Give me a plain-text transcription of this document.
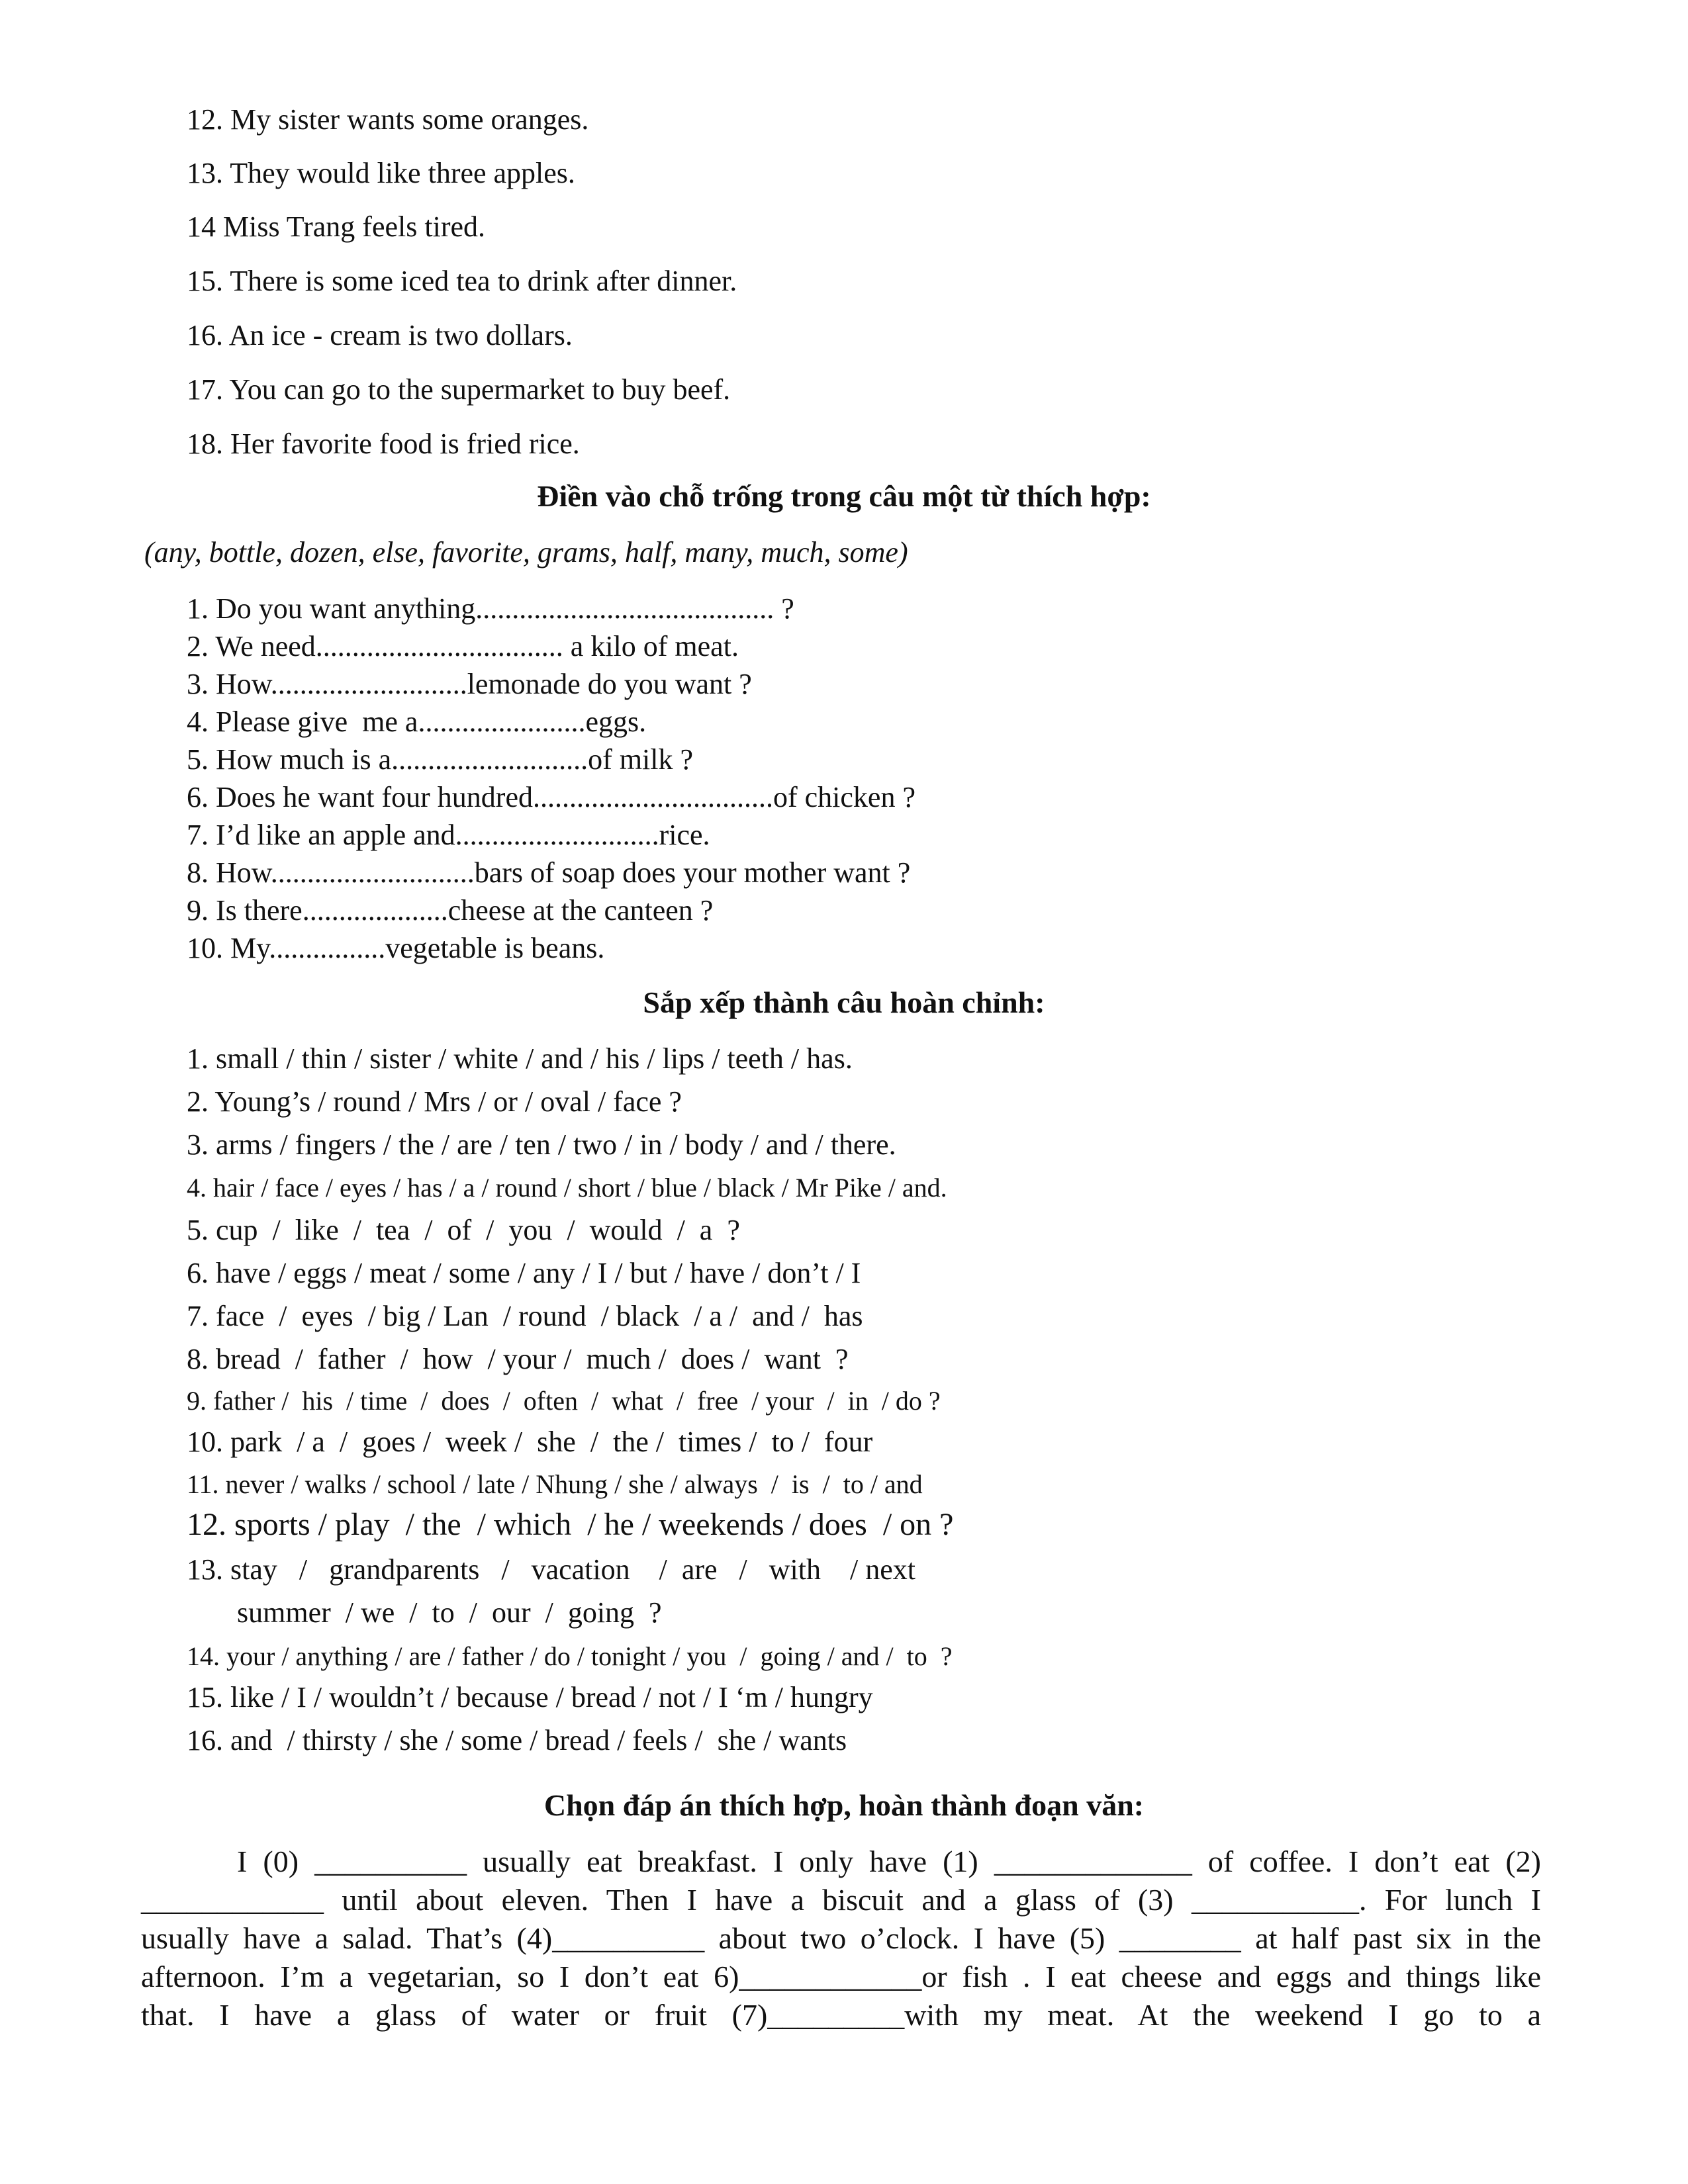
12. My sister wants some oranges.
13. They would like three apples.
14 Miss Trang feels tired.
15. There is some iced tea to drink after dinner.
16. An ice - cream is two dollars.
17. You can go to the supermarket to buy beef.
18. Her favorite food is fried rice.
Điền vào chỗ trống trong câu một từ thích hợp:
(any, bottle, dozen, else, favorite, grams, half, many, much, some)
1. Do you want anything......................................... ?
2. We need.................................. a kilo of meat.
3. How...........................lemonade do you want ?
4. Please give  me a.......................eggs.
5. How much is a...........................of milk ?
6. Does he want four hundred.................................of chicken ?
7. I’d like an apple and............................rice.
8. How............................bars of soap does your mother want ?
9. Is there....................cheese at the canteen ?
10. My................vegetable is beans.
Sắp xếp thành câu hoàn chỉnh:
1. small / thin / sister / white / and / his / lips / teeth / has.
2. Young’s / round / Mrs / or / oval / face ?
3. arms / fingers / the / are / ten / two / in / body / and / there.
4. hair / face / eyes / has / a / round / short / blue / black / Mr Pike / and.
5. cup  /  like  /  tea  /  of  /  you  /  would  /  a  ?
6. have / eggs / meat / some / any / I / but / have / don’t / I
7. face  /  eyes  / big / Lan  / round  / black  / a /  and /  has
8. bread  /  father  /  how  / your /  much /  does /  want  ?
9. father /  his  / time  /  does  /  often  /  what  /  free  / your  /  in  / do ?
10. park  / a  /  goes /  week /  she  /  the /  times /  to /  four
11. never / walks / school / late / Nhung / she / always  /  is  /  to / and
12. sports / play  / the  / which  / he / weekends / does  / on ?
13. stay   /   grandparents   /   vacation    /  are   /   with    / next
summer  / we  /  to  /  our  /  going  ?
14. your / anything / are / father / do / tonight / you  /  going / and /  to  ?
15. like / I / wouldn’t / because / bread / not / I ‘m / hungry
16. and  / thirsty / she / some / bread / feels /  she / wants
Chọn đáp án thích hợp, hoàn thành đoạn văn:
I (0) __________ usually eat breakfast. I only have (1) _____________ of coffee. I don’t eat (2)
____________ until about eleven. Then I have a biscuit and a glass of (3) ___________. For lunch I
usually have a salad. That’s (4)__________ about two o’clock. I have (5) ________ at half past six in the
afternoon. I’m a vegetarian, so I don’t eat 6)____________or fish . I eat cheese and eggs and things like
that. I have a glass of water or fruit (7)_________with my meat. At the weekend I go to a
